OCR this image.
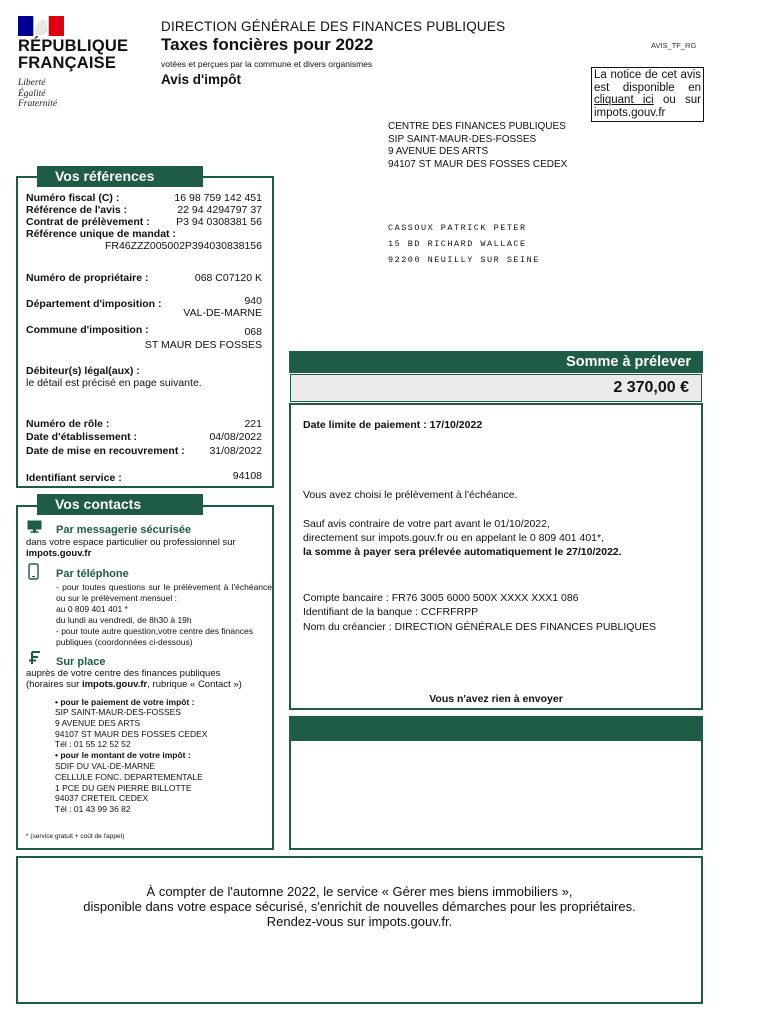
RÉPUBLIQUE
FRANÇAISE
Liberté
Égalité
Fraternité
DIRECTION GÉNÉRALE DES FINANCES PUBLIQUES
Taxes foncières pour 2022
votées et perçues par la commune et divers organismes
Avis d'impôt
AVIS_TF_RG
La notice de cet avis est disponible en cliquant ici ou sur impots.gouv.fr
CENTRE DES FINANCES PUBLIQUES
SIP SAINT-MAUR-DES-FOSSES
9 AVENUE DES ARTS
94107 ST MAUR DES FOSSES CEDEX
CASSOUX PATRICK PETER
15 BD RICHARD WALLACE
92200 NEUILLY SUR SEINE
Vos références
Numéro fiscal (C) :	16 98 759 142 451
Référence de l'avis :	22 94 4294797 37
Contrat de prélèvement :	P3 94 0308381 56
Référence unique de mandat :
FR46ZZZ005002P394030838156
Numéro de propriétaire :	068 C07120 K
Département d'imposition :	940
VAL-DE-MARNE
Commune d'imposition :	068
ST MAUR DES FOSSES
Débiteur(s) légal(aux) :
le détail est précisé en page suivante.
Numéro de rôle :	221
Date d'établissement :	04/08/2022
Date de mise en recouvrement :	31/08/2022
Identifiant service :	94108
Somme à prélever
2 370,00 €
Date limite de paiement : 17/10/2022
Vous avez choisi le prélèvement à l'échéance.
Sauf avis contraire de votre part avant le 01/10/2022,
directement sur impots.gouv.fr ou en appelant le 0 809 401 401*,
la somme à payer sera prélevée automatiquement le 27/10/2022.
Compte bancaire : FR76 3005 6000 500X XXXX XXX1 086
Identifiant de la banque : CCFRFRPP
Nom du créancier : DIRECTION GÉNÉRALE DES FINANCES PUBLIQUES
Vous n'avez rien à envoyer
Vos contacts
Par messagerie sécurisée
dans votre espace particulier ou professionnel sur
impots.gouv.fr
Par téléphone
- pour toutes questions sur le prélèvement à l'échéance ou sur le prélèvement mensuel :
au 0 809 401 401 *
du lundi au vendredi, de 8h30 à 19h
- pour toute autre question,votre centre des finances publiques (coordonnées ci-dessous)
Sur place
auprès de votre centre des finances publiques
(horaires sur impots.gouv.fr, rubrique « Contact »)
• pour le paiement de votre impôt :
SIP SAINT-MAUR-DES-FOSSES
9 AVENUE DES ARTS
94107 ST MAUR DES FOSSES CEDEX
Tél : 01 55 12 52 52
• pour le montant de votre impôt :
SDIF DU VAL-DE-MARNE
CELLULE FONC. DEPARTEMENTALE
1 PCE DU GEN PIERRE BILLOTTE
94037 CRETEIL CEDEX
Tél : 01 43 99 36 82
* (service gratuit + coût de l'appel)
À compter de l'automne 2022, le service « Gérer mes biens immobiliers »,
disponible dans votre espace sécurisé, s'enrichit de nouvelles démarches pour les propriétaires.
Rendez-vous sur impots.gouv.fr.
